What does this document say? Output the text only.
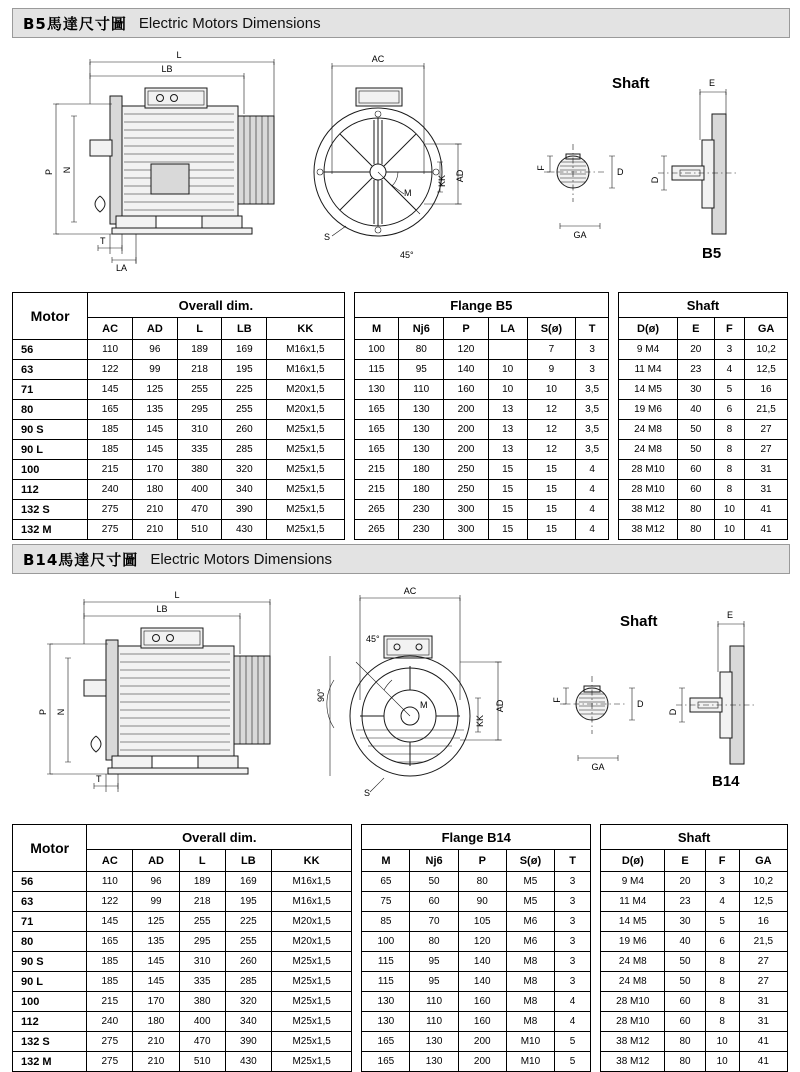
B5馬達尺寸圖 Electric Motors Dimensions
L
LB
P N
T
LA
AC
M
KK AD
S
45°
Shaft
F	D
GA
E
D
B5
Motor	Overall dim.						Flange B5							Shaft			
	AC	AD	L	LB	KK		M	Nj6	P	LA	S(ø)	T		D(ø)	E	F	GA
56	110	96	189	169	M16x1,5		100	80	120		7	3		9 M4	20	3	10,2
63	122	99	218	195	M16x1,5		115	95	140	10	9	3		11 M4	23	4	12,5
71	145	125	255	225	M20x1,5		130	110	160	10	10	3,5		14 M5	30	5	16
80	165	135	295	255	M20x1,5		165	130	200	13	12	3,5		19 M6	40	6	21,5
90 S	185	145	310	260	M25x1,5		165	130	200	13	12	3,5		24 M8	50	8	27
90 L	185	145	335	285	M25x1,5		165	130	200	13	12	3,5		24 M8	50	8	27
100	215	170	380	320	M25x1,5		215	180	250	15	15	4		28 M10	60	8	31
112	240	180	400	340	M25x1,5		215	180	250	15	15	4		28 M10	60	8	31
132 S	275	210	470	390	M25x1,5		265	230	300	15	15	4		38 M12	80	10	41
132 M	275	210	510	430	M25x1,5		265	230	300	15	15	4		38 M12	80	10	41
B14馬達尺寸圖 Electric Motors Dimensions
L
LB
P N
T
AC
M
45°
90°
KK
AD
S
Shaft
F	D
GA
E
D
B14
Motor	Overall dim.						Flange B14						Shaft			
	AC	AD	L	LB	KK		M	Nj6	P	S(ø)	T		D(ø)	E	F	GA
56	110	96	189	169	M16x1,5		65	50	80	M5	3		9 M4	20	3	10,2
63	122	99	218	195	M16x1,5		75	60	90	M5	3		11 M4	23	4	12,5
71	145	125	255	225	M20x1,5		85	70	105	M6	3		14 M5	30	5	16
80	165	135	295	255	M20x1,5		100	80	120	M6	3		19 M6	40	6	21,5
90 S	185	145	310	260	M25x1,5		115	95	140	M8	3		24 M8	50	8	27
90 L	185	145	335	285	M25x1,5		115	95	140	M8	3		24 M8	50	8	27
100	215	170	380	320	M25x1,5		130	110	160	M8	4		28 M10	60	8	31
112	240	180	400	340	M25x1,5		130	110	160	M8	4		28 M10	60	8	31
132 S	275	210	470	390	M25x1,5		165	130	200	M10	5		38 M12	80	10	41
132 M	275	210	510	430	M25x1,5		165	130	200	M10	5		38 M12	80	10	41
